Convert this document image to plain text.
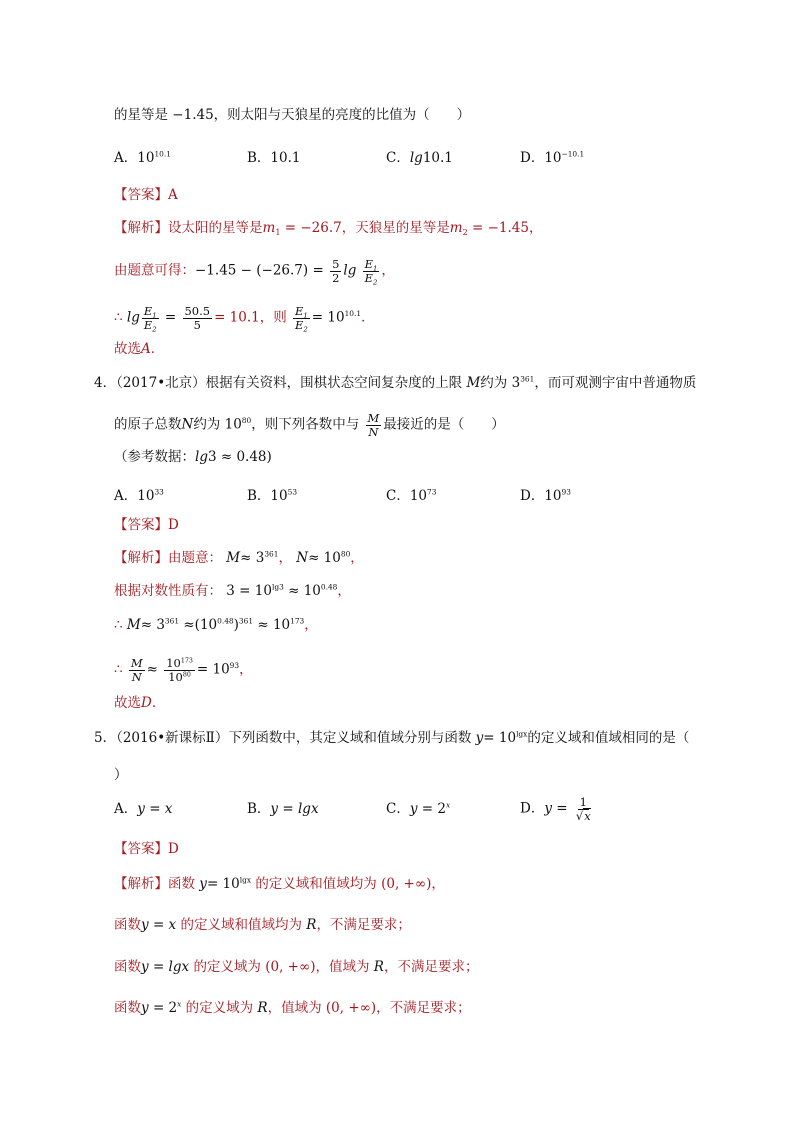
的星等是 −1.45，则太阳与天狼星的亮度的比值为（　　）
A．$10^{10.1}$	B．10.1	C．lg10.1	D．$10^{-10.1}$
【答案】A
【解析】设太阳的星等是$m_1 = -26.7$，天狼星的星等是$m_2 = -1.45$，
由题意可得：$-1.45 - (-26.7) = \frac{5}{2}$ $\lg \frac{E_1}{E_2}$ ，
∴ $\lg \frac{E_1}{E_2} = \frac{50.5}{5} = 10.1$，则 $\frac{E_1}{E_2} = 10^{10.1}$．
故选A．
4．（2017•北京）根据有关资料，围棋状态空间复杂度的上限 M约为 $3^{361}$，而可观测宇宙中普通物质
的原子总数N约为 $10^{80}$，则下列各数中与 $\frac{M}{N}$ 最接近的是（　　）
（参考数据：lg3 ≈ 0.48)
A．$10^{33}$	B．$10^{53}$	C．$10^{73}$	D．$10^{93}$
【答案】D
【解析】由题意： $M\approx 3^{361}$， $N\approx 10^{80}$，
根据对数性质有： $3 = 10^{lg3} \approx 10^{0.48}$，
∴ $M\approx 3^{361} \approx(10^{0.48})^{361} \approx 10^{173}$，
∴ $\frac{M}{N} \approx \frac{10^{173}}{10^{80}} = 10^{93}$，
故选D．
5．（2016•新课标Ⅱ）下列函数中，其定义域和值域分别与函数 $y= 10^{lgx}$的定义域和值域相同的是（
）
A．y = x	B．y = lgx	C．$y = 2^x$	D．$y = \frac{1}{√x}$
【答案】D
【解析】函数 $y= 10^{lgx}$ 的定义域和值域均为 (0, +∞)，
函数y = x 的定义域和值域均为 R，不满足要求；
函数y = lgx 的定义域为 (0, +∞)，值域为 R，不满足要求；
函数$y = 2^x$ 的定义域为 R，值域为 (0, +∞)，不满足要求；
